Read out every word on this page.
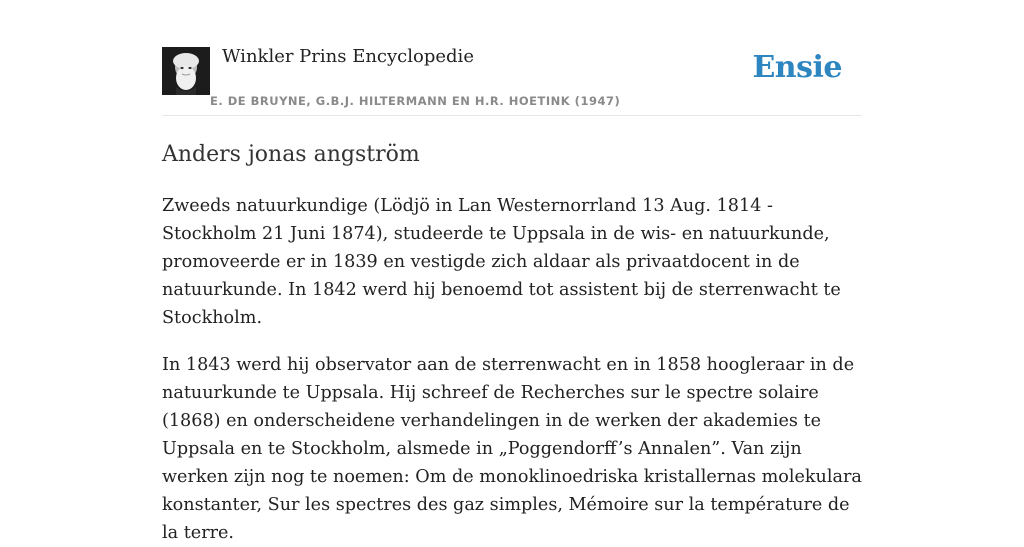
Winkler Prins Encyclopedie
E. DE BRUYNE, G.B.J. HILTERMANN EN H.R. HOETINK (1947)
Ensie
Anders jonas angström

Zweeds natuurkundige (Lödjö in Lan Westernorrland 13 Aug. 1814 - Stockholm 21 Juni 1874), studeerde te Uppsala in de wis- en natuurkunde, promoveerde er in 1839 en vestigde zich aldaar als privaatdocent in de natuurkunde. In 1842 werd hij benoemd tot assistent bij de sterrenwacht te Stockholm.

In 1843 werd hij observator aan de sterrenwacht en in 1858 hoogleraar in de natuurkunde te Uppsala. Hij schreef de Recherches sur le spectre solaire (1868) en onderscheidene verhandelingen in de werken der akademies te Uppsala en te Stockholm, alsmede in „Poggendorff’s Annalen”. Van zijn werken zijn nog te noemen: Om de monoklinoedriska kristallernas molekulara konstanter, Sur les spectres des gaz simples, Mémoire sur la température de la terre.
